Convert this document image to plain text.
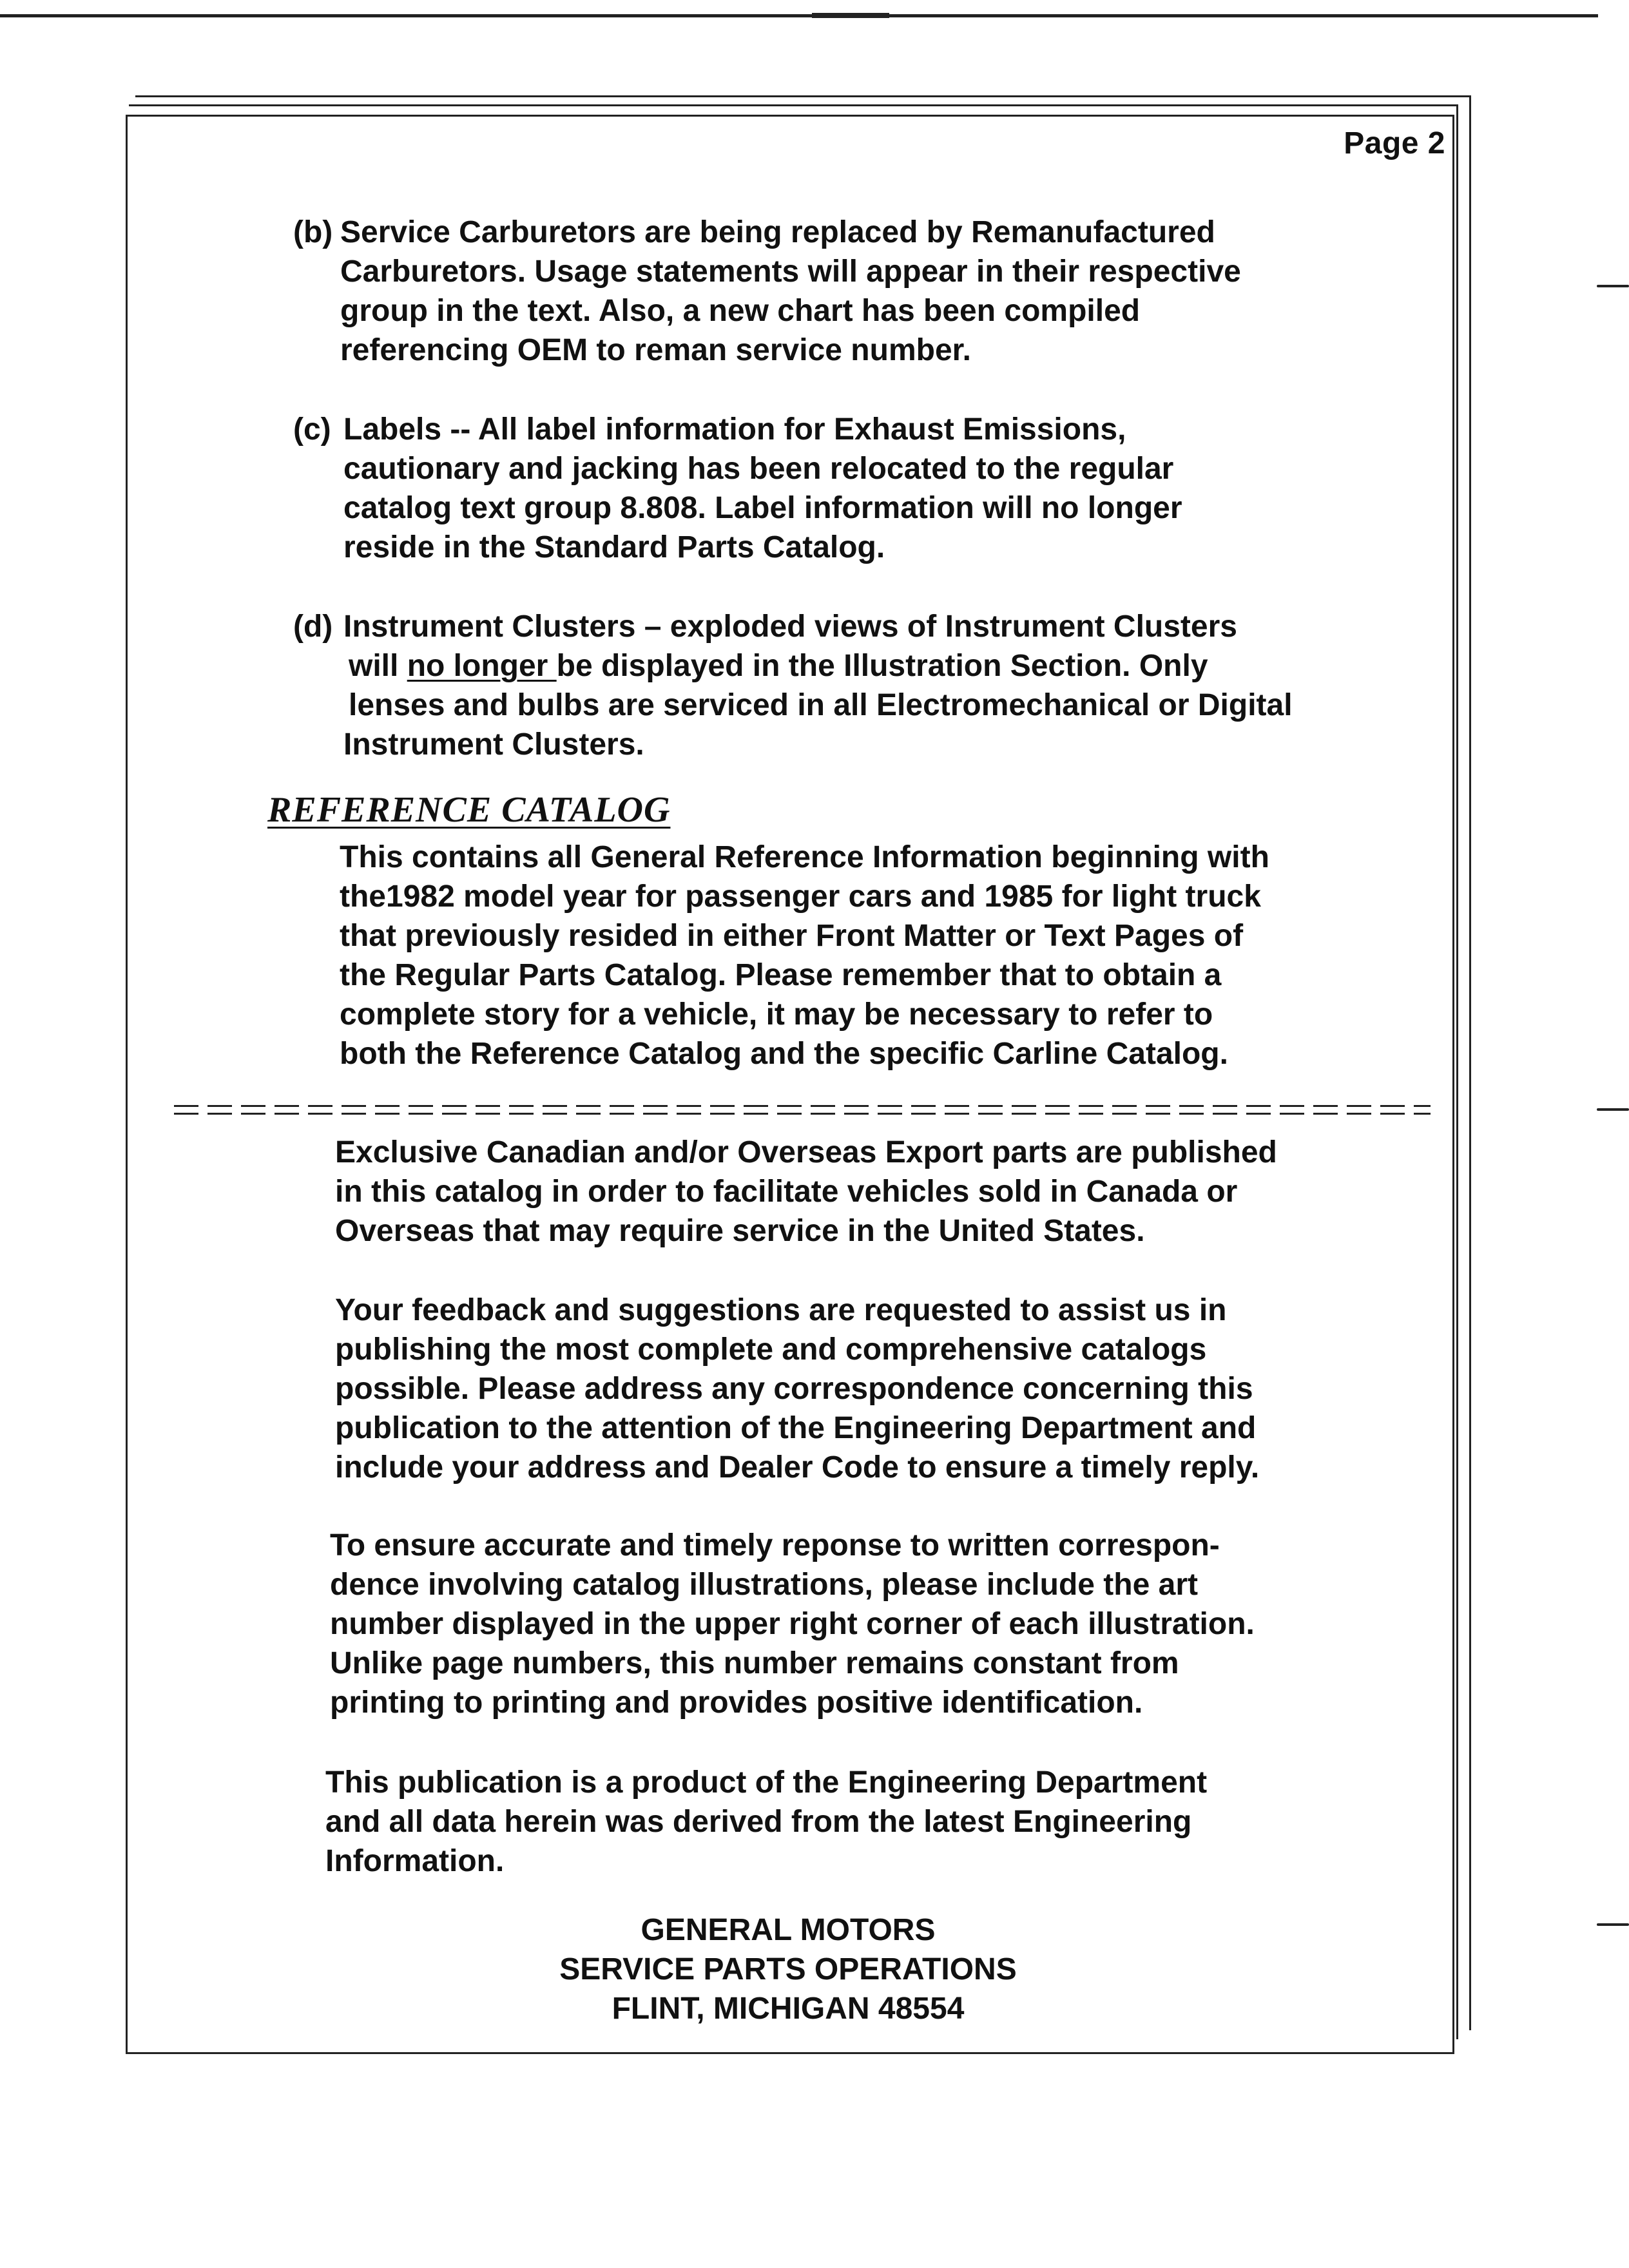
Page 2
(b) Service Carburetors are being replaced by Remanufactured
Carburetors. Usage statements will appear in their respective
group in the text. Also, a new chart has been compiled
referencing OEM to reman service number.
(c) Labels -- All label information for Exhaust Emissions,
cautionary and jacking has been relocated to the regular
catalog text group 8.808. Label information will no longer
reside in the Standard Parts Catalog.
(d) Instrument Clusters – exploded views of Instrument Clusters
will no longer be displayed in the Illustration Section. Only
lenses and bulbs are serviced in all Electromechanical or Digital
Instrument Clusters.
REFERENCE CATALOG
This contains all General Reference Information beginning with
the1982 model year for passenger cars and 1985 for light truck
that previously resided in either Front Matter or Text Pages of
the Regular Parts Catalog. Please remember that to obtain a
complete story for a vehicle, it may be necessary to refer to
both the Reference Catalog and the specific Carline Catalog.
Exclusive Canadian and/or Overseas Export parts are published
in this catalog in order to facilitate vehicles sold in Canada or
Overseas that may require service in the United States.
Your feedback and suggestions are requested to assist us in
publishing the most complete and comprehensive catalogs
possible. Please address any correspondence concerning this
publication to the attention of the Engineering Department and
include your address and Dealer Code to ensure a timely reply.
To ensure accurate and timely reponse to written correspon-
dence involving catalog illustrations, please include the art
number displayed in the upper right corner of each illustration.
Unlike page numbers, this number remains constant from
printing to printing and provides positive identification.
This publication is a product of the Engineering Department
and all data herein was derived from the latest Engineering
Information.
GENERAL MOTORS
SERVICE PARTS OPERATIONS
FLINT, MICHIGAN 48554
